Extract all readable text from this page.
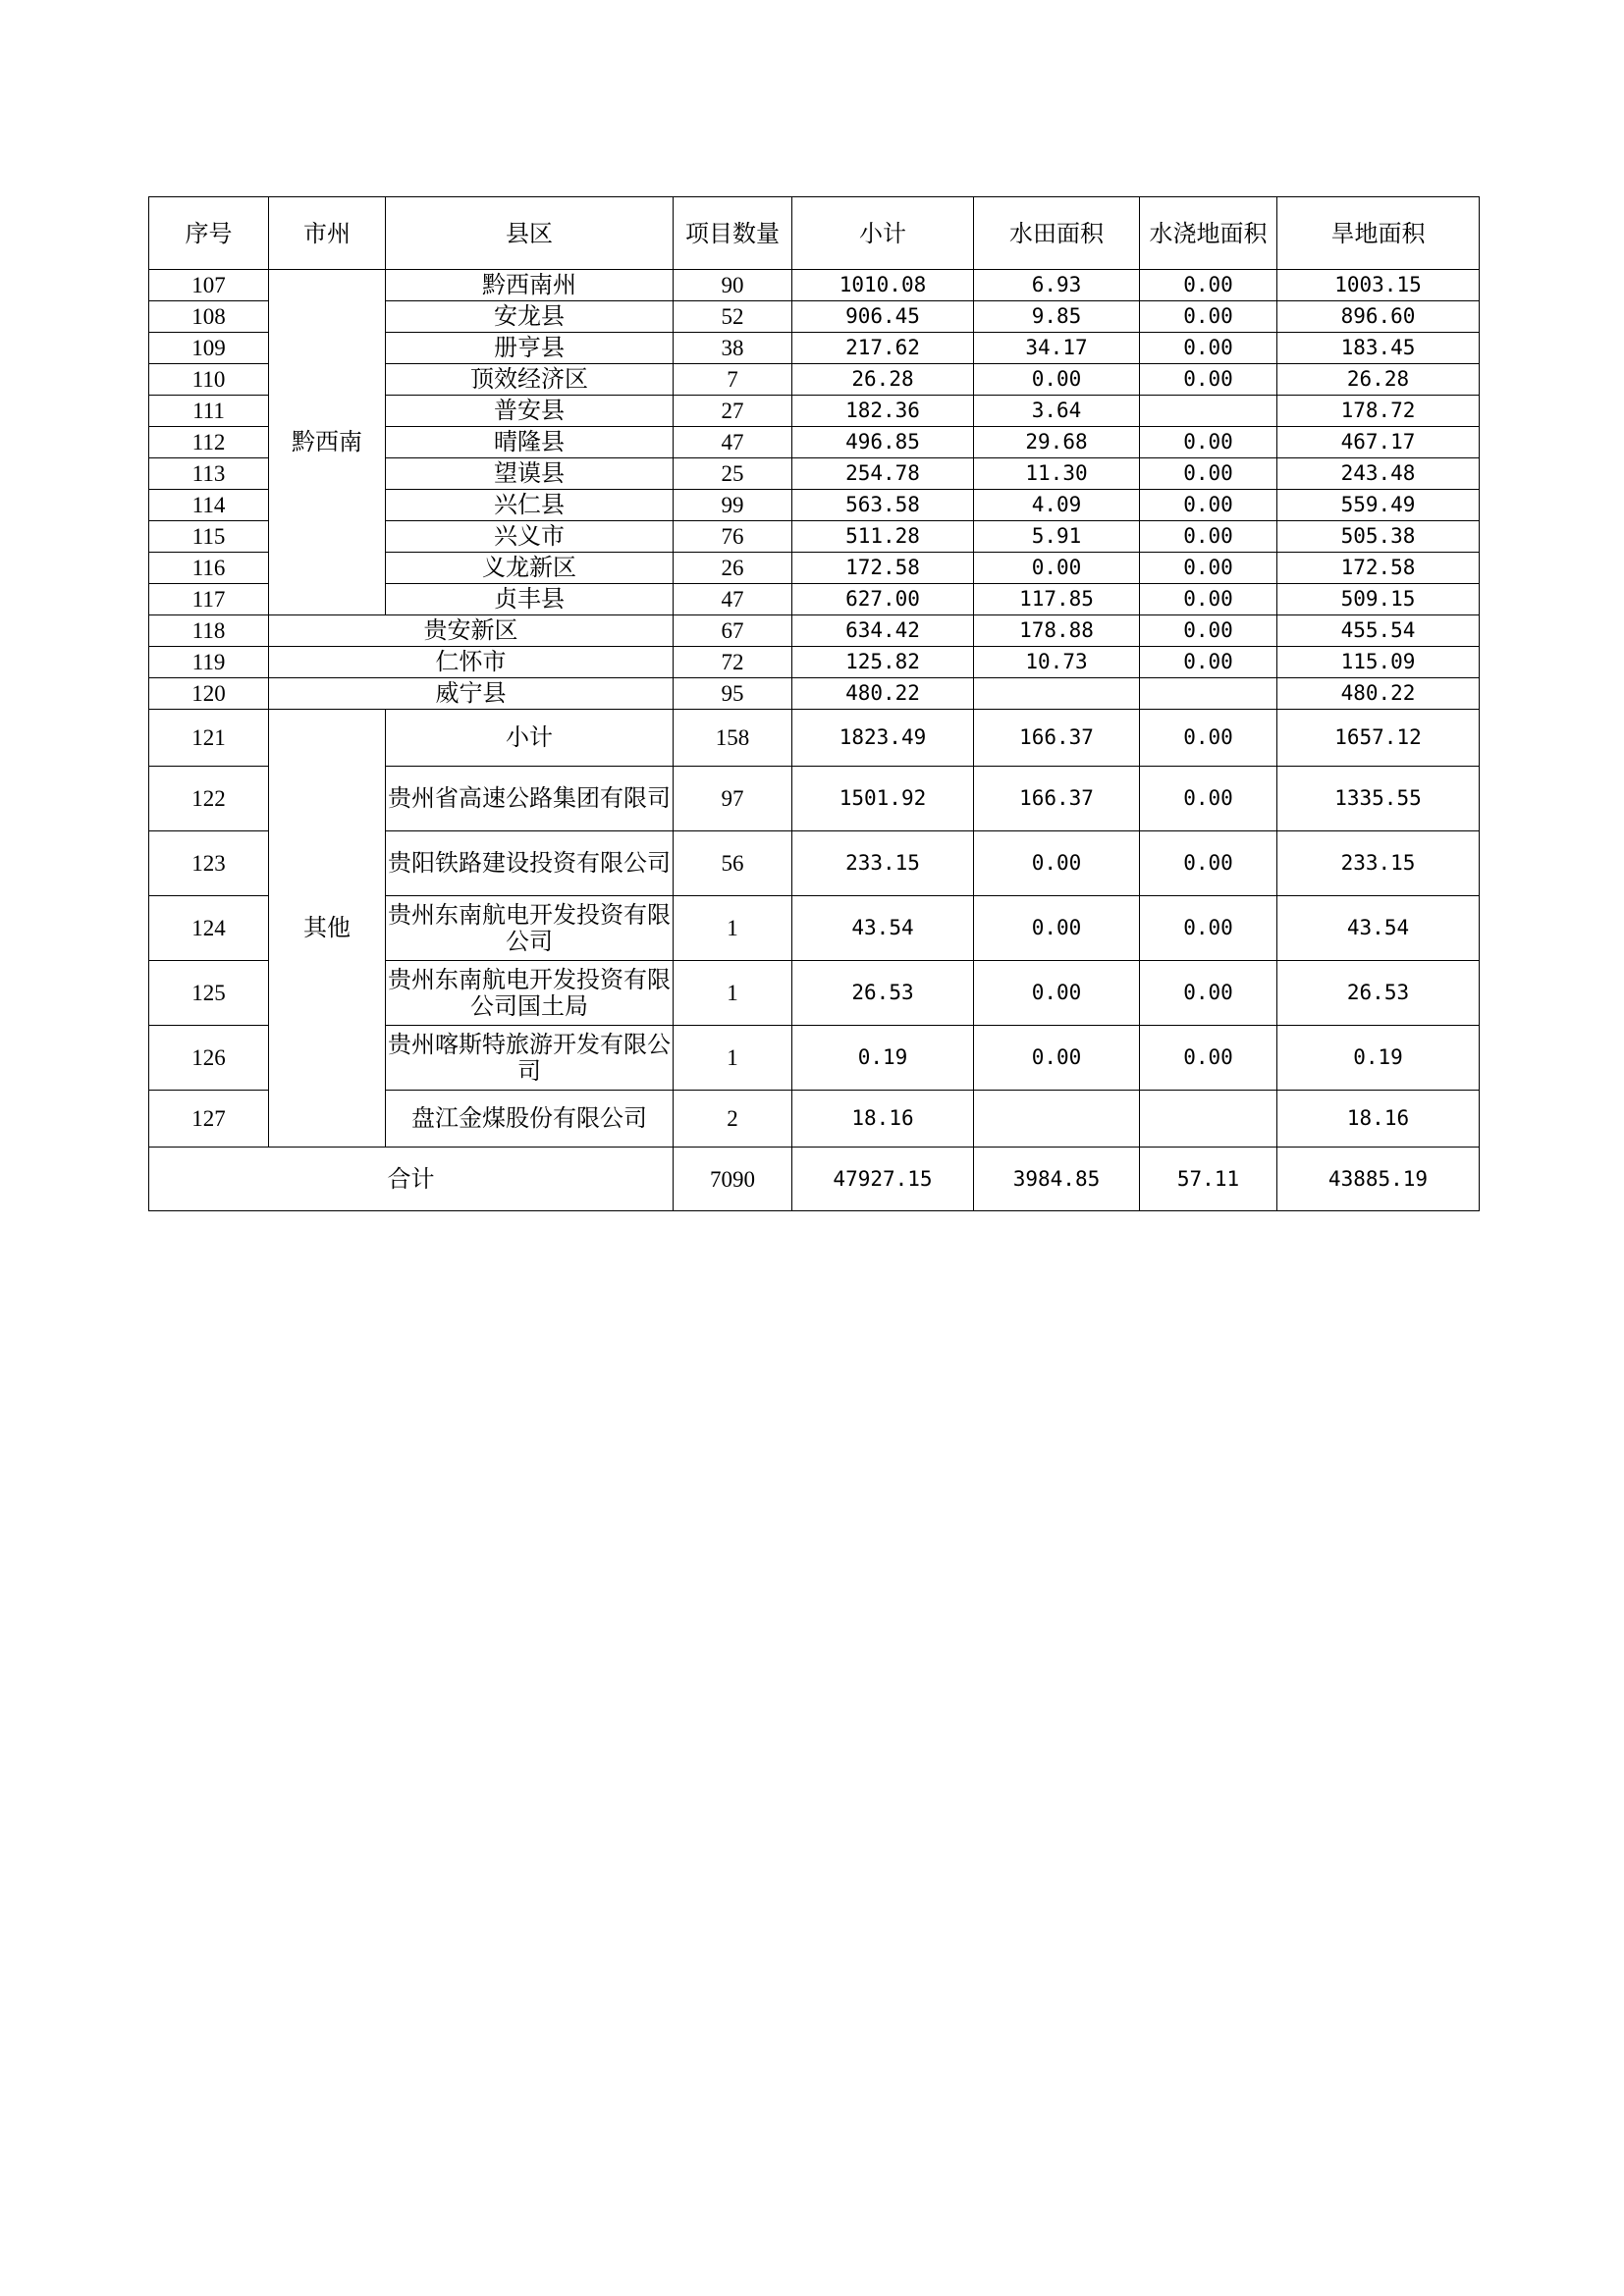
序号	市州	县区	项目数量	小计	水田面积	水浇地面积	旱地面积
107	黔西南	黔西南州	90	1010.08	6.93	0.00	1003.15
108		安龙县	52	906.45	9.85	0.00	896.60
109		册亨县	38	217.62	34.17	0.00	183.45
110		顶效经济区	7	26.28	0.00	0.00	26.28
111		普安县	27	182.36	3.64		178.72
112		晴隆县	47	496.85	29.68	0.00	467.17
113		望谟县	25	254.78	11.30	0.00	243.48
114		兴仁县	99	563.58	4.09	0.00	559.49
115		兴义市	76	511.28	5.91	0.00	505.38
116		义龙新区	26	172.58	0.00	0.00	172.58
117		贞丰县	47	627.00	117.85	0.00	509.15
118	贵安新区		67	634.42	178.88	0.00	455.54
119	仁怀市		72	125.82	10.73	0.00	115.09
120	威宁县		95	480.22			480.22
121	其他	小计	158	1823.49	166.37	0.00	1657.12
122		贵州省高速公路集团有限司	97	1501.92	166.37	0.00	1335.55
123		贵阳铁路建设投资有限公司	56	233.15	0.00	0.00	233.15
124		贵州东南航电开发投资有限公司	1	43.54	0.00	0.00	43.54
125		贵州东南航电开发投资有限公司国土局	1	26.53	0.00	0.00	26.53
126		贵州喀斯特旅游开发有限公司	1	0.19	0.00	0.00	0.19
127		盘江金煤股份有限公司	2	18.16			18.16
合计			7090	47927.15	3984.85	57.11	43885.19
